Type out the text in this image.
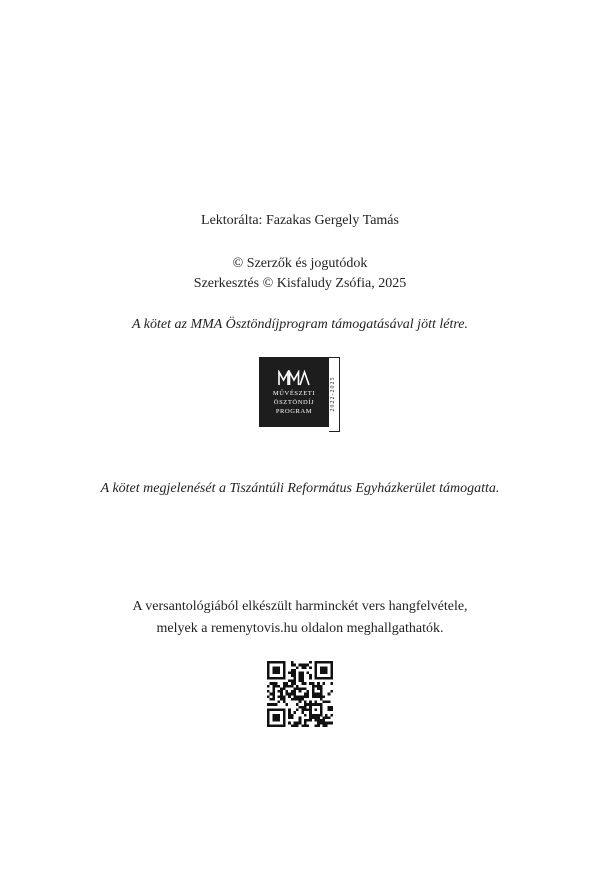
Lektorálta: Fazakas Gergely Tamás
© Szerzők és jogutódok
Szerkesztés © Kisfaludy Zsófia, 2025
A kötet az MMA Ösztöndíjprogram támogatásával jött létre.
MŰVÉSZETI
ÖSZTÖNDÍJ
PROGRAM	2022-2025
A kötet megjelenését a Tiszántúli Református Egyházkerület támogatta.
A versantológiából elkészült harminckét vers hangfelvétele,
melyek a remenytovis.hu oldalon meghallgathatók.
